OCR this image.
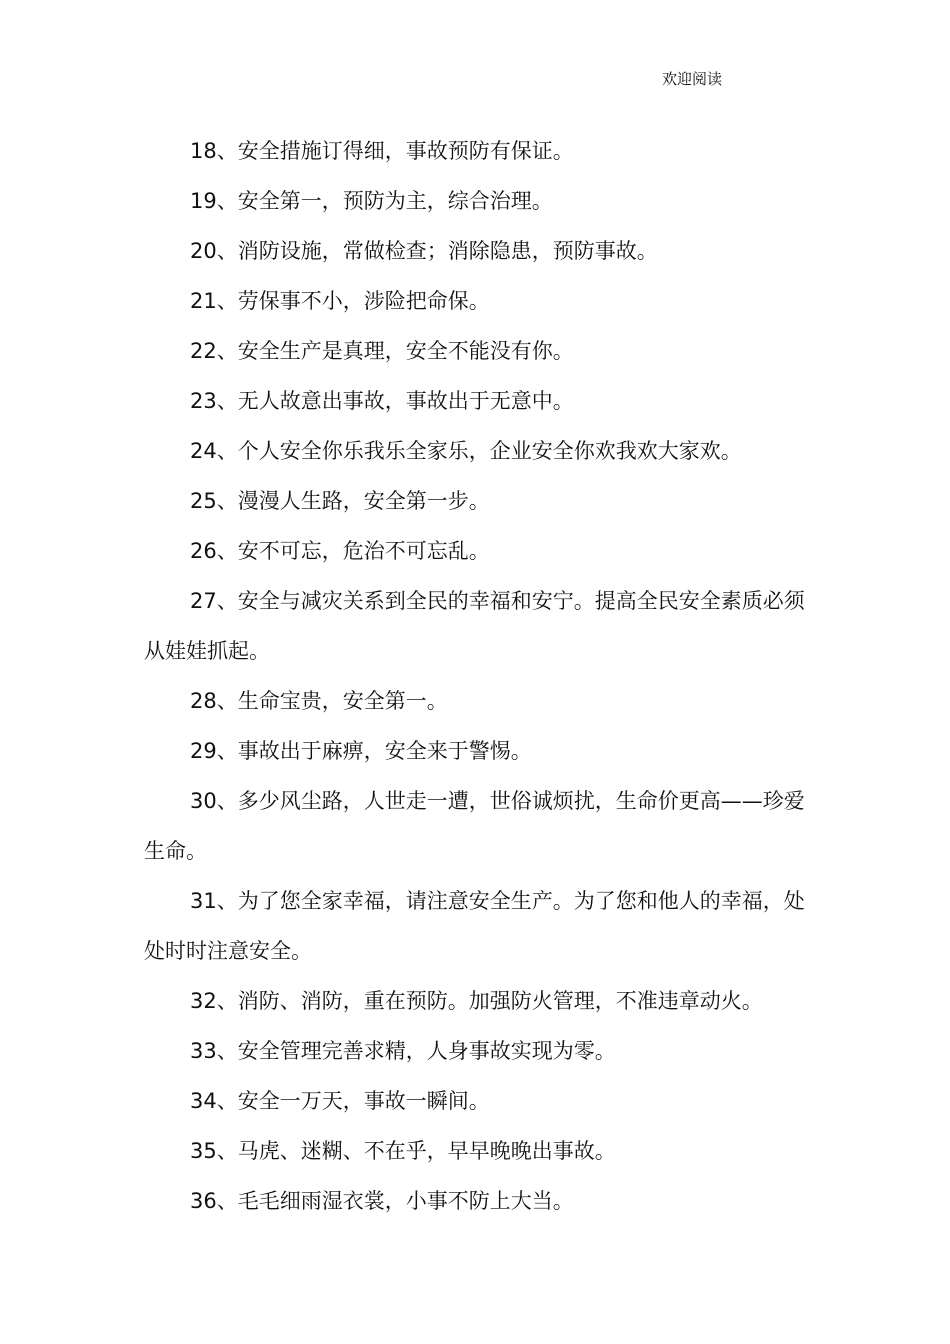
欢迎阅读

18、安全措施订得细，事故预防有保证。

19、安全第一，预防为主，综合治理。

20、消防设施，常做检查；消除隐患，预防事故。

21、劳保事不小，涉险把命保。

22、安全生产是真理，安全不能没有你。

23、无人故意出事故，事故出于无意中。

24、个人安全你乐我乐全家乐，企业安全你欢我欢大家欢。

25、漫漫人生路，安全第一步。

26、安不可忘，危治不可忘乱。

27、安全与减灾关系到全民的幸福和安宁。提高全民安全素质必须从娃娃抓起。

28、生命宝贵，安全第一。

29、事故出于麻痹，安全来于警惕。

30、多少风尘路，人世走一遭，世俗诚烦扰，生命价更高——珍爱生命。

31、为了您全家幸福，请注意安全生产。为了您和他人的幸福，处处时时注意安全。

32、消防、消防，重在预防。加强防火管理，不准违章动火。

33、安全管理完善求精，人身事故实现为零。

34、安全一万天，事故一瞬间。

35、马虎、迷糊、不在乎，早早晚晚出事故。

36、毛毛细雨湿衣裳，小事不防上大当。
